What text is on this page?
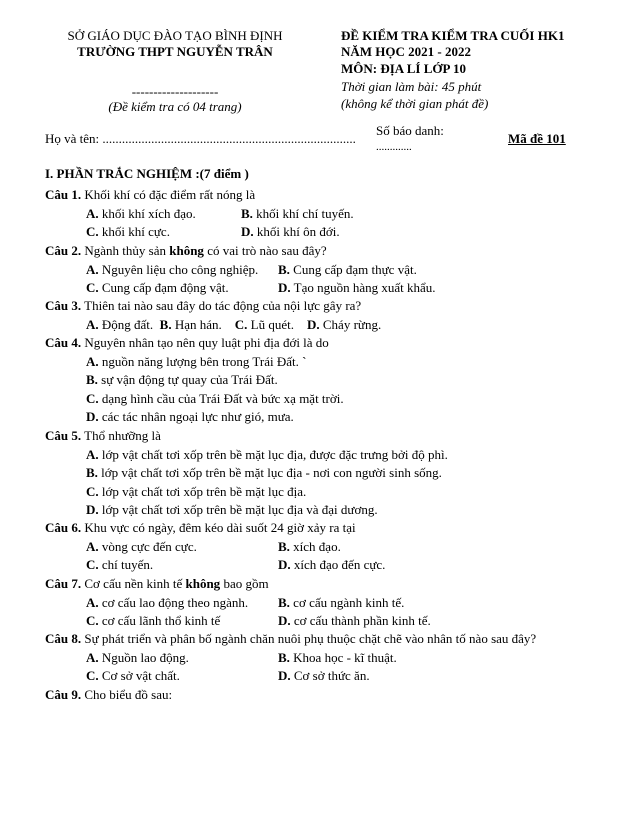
SỞ GIÁO DỤC ĐÀO TẠO BÌNH ĐỊNH
TRƯỜNG THPT NGUYỄN TRÂN
--------------------
(Đề kiểm tra có 04 trang)
ĐỀ KIỂM TRA KIỂM TRA CUỐI HK1
NĂM HỌC 2021 - 2022
MÔN: ĐỊA LÍ LỚP 10
Thời gian làm bài: 45 phút
(không kể thời gian phát đề)
Họ và tên: ..............................................................................
Số báo danh:
.............
Mã đề 101
I. PHẦN TRẮC NGHIỆM :(7 điểm )
Câu 1. Khối khí có đặc điểm rất nóng là
A. khối khí xích đạo.	B. khối khí chí tuyến.
C. khối khí cực.	D. khối khí ôn đới.
Câu 2. Ngành thủy sản không có vai trò nào sau đây?
A. Nguyên liệu cho công nghiệp. B. Cung cấp đạm thực vật.
C. Cung cấp đạm động vật.	D. Tạo nguồn hàng xuất khẩu.
Câu 3. Thiên tai nào sau đây do tác động của nội lực gây ra?
A. Động đất. B. Hạn hán. C. Lũ quét. D. Cháy rừng.
Câu 4. Nguyên nhân tạo nên quy luật phi địa đới là do
A. nguồn năng lượng bên trong Trái Đất. `
B. sự vận động tự quay của Trái Đất.
C. dạng hình cầu của Trái Đất và bức xạ mặt trời.
D. các tác nhân ngoại lực như gió, mưa.
Câu 5. Thổ nhưỡng là
A. lớp vật chất tơi xốp trên bề mặt lục địa, được đặc trưng bởi độ phì.
B. lớp vật chất tơi xốp trên bề mặt lục địa - nơi con người sinh sống.
C. lớp vật chất tơi xốp trên bề mặt lục địa.
D. lớp vật chất tơi xốp trên bề mặt lục địa và đại dương.
Câu 6. Khu vực có ngày, đêm kéo dài suốt 24 giờ xảy ra tại
A. vòng cực đến cực.	B. xích đạo.
C. chí tuyến.	D. xích đạo đến cực.
Câu 7. Cơ cấu nền kinh tế không bao gồm
A. cơ cấu lao động theo ngành. B. cơ cấu ngành kinh tế.
C. cơ cấu lãnh thổ kinh tế	D. cơ cấu thành phần kinh tế.
Câu 8. Sự phát triển và phân bố ngành chăn nuôi phụ thuộc chặt chẽ vào nhân tố nào sau đây?
A. Nguồn lao động.	B. Khoa học - kĩ thuật.
C. Cơ sở vật chất.	D. Cơ sở thức ăn.
Câu 9. Cho biểu đồ sau:
